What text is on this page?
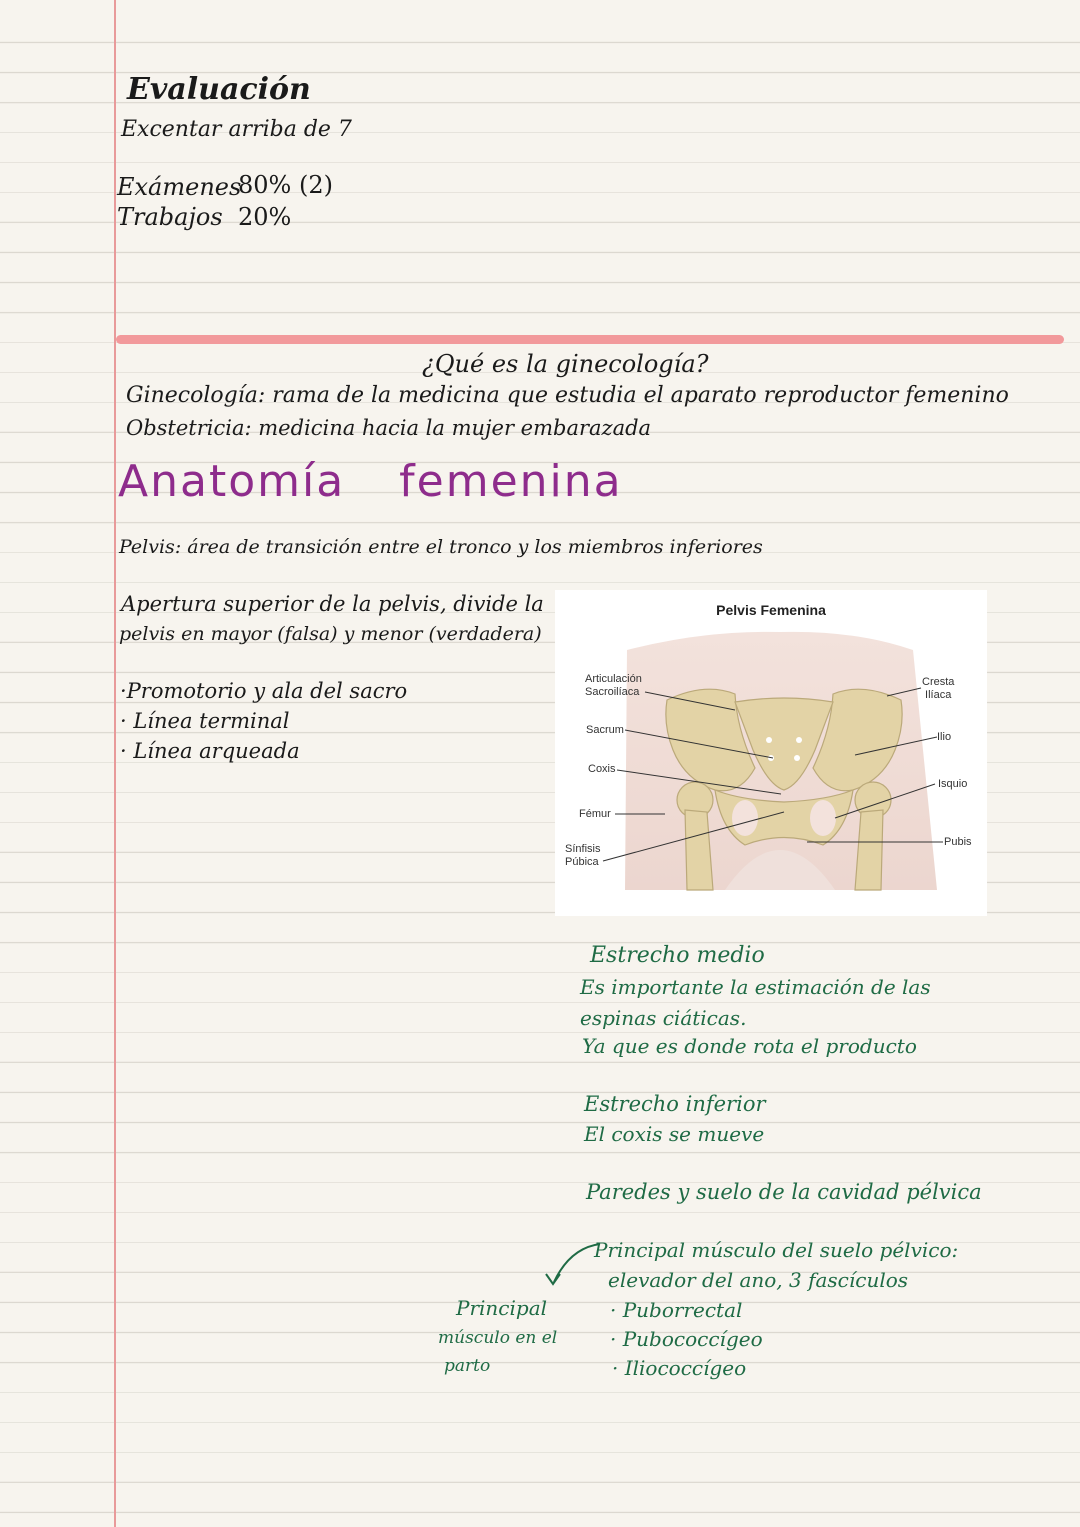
Evaluación
Excentar arriba de 7
Exámenes
80% (2)
Trabajos 20%
¿Qué es la ginecología?
Ginecología: rama de la medicina que estudia el aparato reproductor femenino
Obstetricia: medicina hacia la mujer embarazada
Anatomía femenina
Pelvis: área de transición entre el tronco y los miembros inferiores
Apertura superior de la pelvis, divide la
pelvis en mayor (falsa) y menor (verdadera)
·Promotorio y ala del sacro
· Línea terminal
· Línea arqueada
Pelvis Femenina
Articulación
Sacroilíaca
Sacrum
Coxis
Fémur
Sínfisis
Púbica
Cresta
Ilíaca
Ilio
Isquio
Pubis
Estrecho medio
Es importante la estimación de las
espinas ciáticas.
Ya que es donde rota el producto
Estrecho inferior
El coxis se mueve
Paredes y suelo de la cavidad pélvica
Principal músculo del suelo pélvico:
elevador del ano, 3 fascículos
· Puborrectal
· Pubococcígeo
· Iliococcígeo
Principal
músculo en el
parto
